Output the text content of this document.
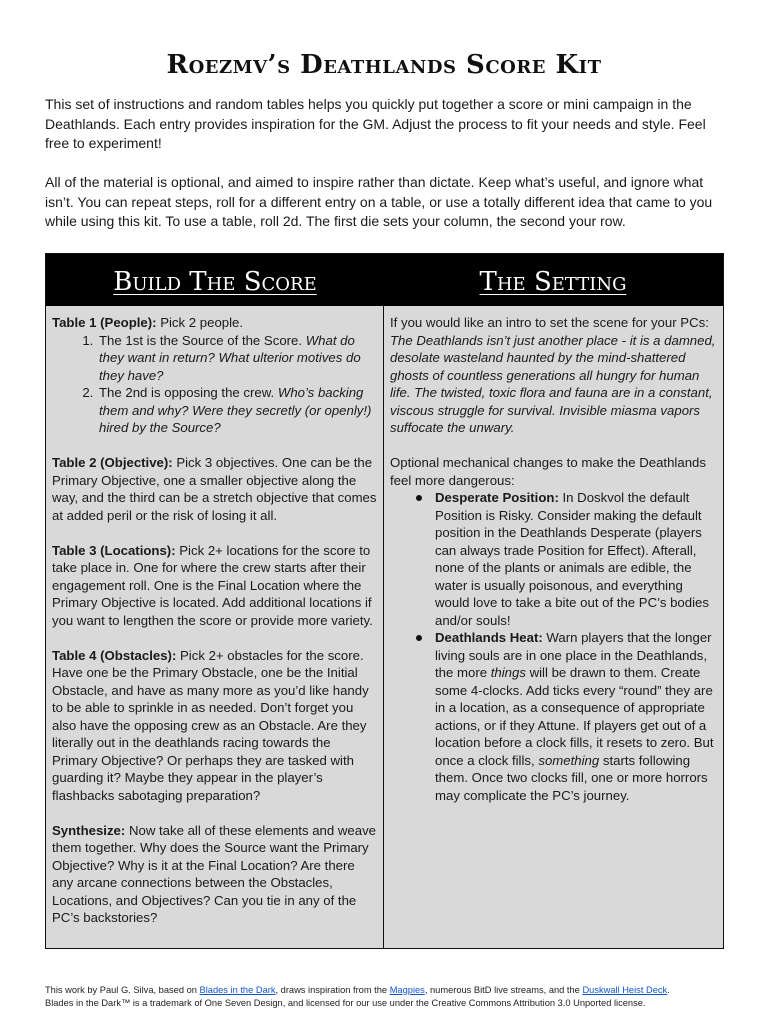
Roezmv’s Deathlands Score Kit

This set of instructions and random tables helps you quickly put together a score or mini campaign in the Deathlands. Each entry provides inspiration for the GM. Adjust the process to fit your needs and style. Feel free to experiment!

All of the material is optional, and aimed to inspire rather than dictate. Keep what’s useful, and ignore what isn’t. You can repeat steps, roll for a different entry on a table, or use a totally different idea that came to you while using this kit. To use a table, roll 2d. The first die sets your column, the second your row.

Build The Score	The Setting

Table 1 (People): Pick 2 people.

1. The 1st is the Source of the Score. What do they want in return? What ulterior motives do they have?
2. The 2nd is opposing the crew. Who’s backing them and why? Were they secretly (or openly!) hired by the Source?

Table 2 (Objective): Pick 3 objectives. One can be the Primary Objective, one a smaller objective along the way, and the third can be a stretch objective that comes at added peril or the risk of losing it all.

Table 3 (Locations): Pick 2+ locations for the score to take place in. One for where the crew starts after their engagement roll. One is the Final Location where the Primary Objective is located. Add additional locations if you want to lengthen the score or provide more variety.

Table 4 (Obstacles): Pick 2+ obstacles for the score. Have one be the Primary Obstacle, one be the Initial Obstacle, and have as many more as you’d like handy to be able to sprinkle in as needed. Don’t forget you also have the opposing crew as an Obstacle. Are they literally out in the deathlands racing towards the Primary Objective? Or perhaps they are tasked with guarding it? Maybe they appear in the player’s flashbacks sabotaging preparation?

Synthesize: Now take all of these elements and weave them together. Why does the Source want the Primary Objective? Why is it at the Final Location? Are there any arcane connections between the Obstacles, Locations, and Objectives? Can you tie in any of the PC’s backstories?

If you would like an intro to set the scene for your PCs:

The Deathlands isn’t just another place - it is a damned, desolate wasteland haunted by the mind-shattered ghosts of countless generations all hungry for human life. The twisted, toxic flora and fauna are in a constant, viscous struggle for survival. Invisible miasma vapors suffocate the unwary.

Optional mechanical changes to make the Deathlands feel more dangerous:

Desperate Position: In Doskvol the default Position is Risky. Consider making the default position in the Deathlands Desperate (players can always trade Position for Effect). Afterall, none of the plants or animals are edible, the water is usually poisonous, and everything would love to take a bite out of the PC’s bodies and/or souls!
Deathlands Heat: Warn players that the longer living souls are in one place in the Deathlands, the more things will be drawn to them. Create some 4-clocks. Add ticks every “round” they are in a location, as a consequence of appropriate actions, or if they Attune. If players get out of a location before a clock fills, it resets to zero. But once a clock fills, something starts following them. Once two clocks fill, one or more horrors may complicate the PC’s journey.
This work by Paul G. Silva, based on Blades in the Dark, draws inspiration from the Magpies, numerous BitD live streams, and the Duskwall Heist Deck.
Blades in the Dark™ is a trademark of One Seven Design, and licensed for our use under the Creative Commons Attribution 3.0 Unported license.
